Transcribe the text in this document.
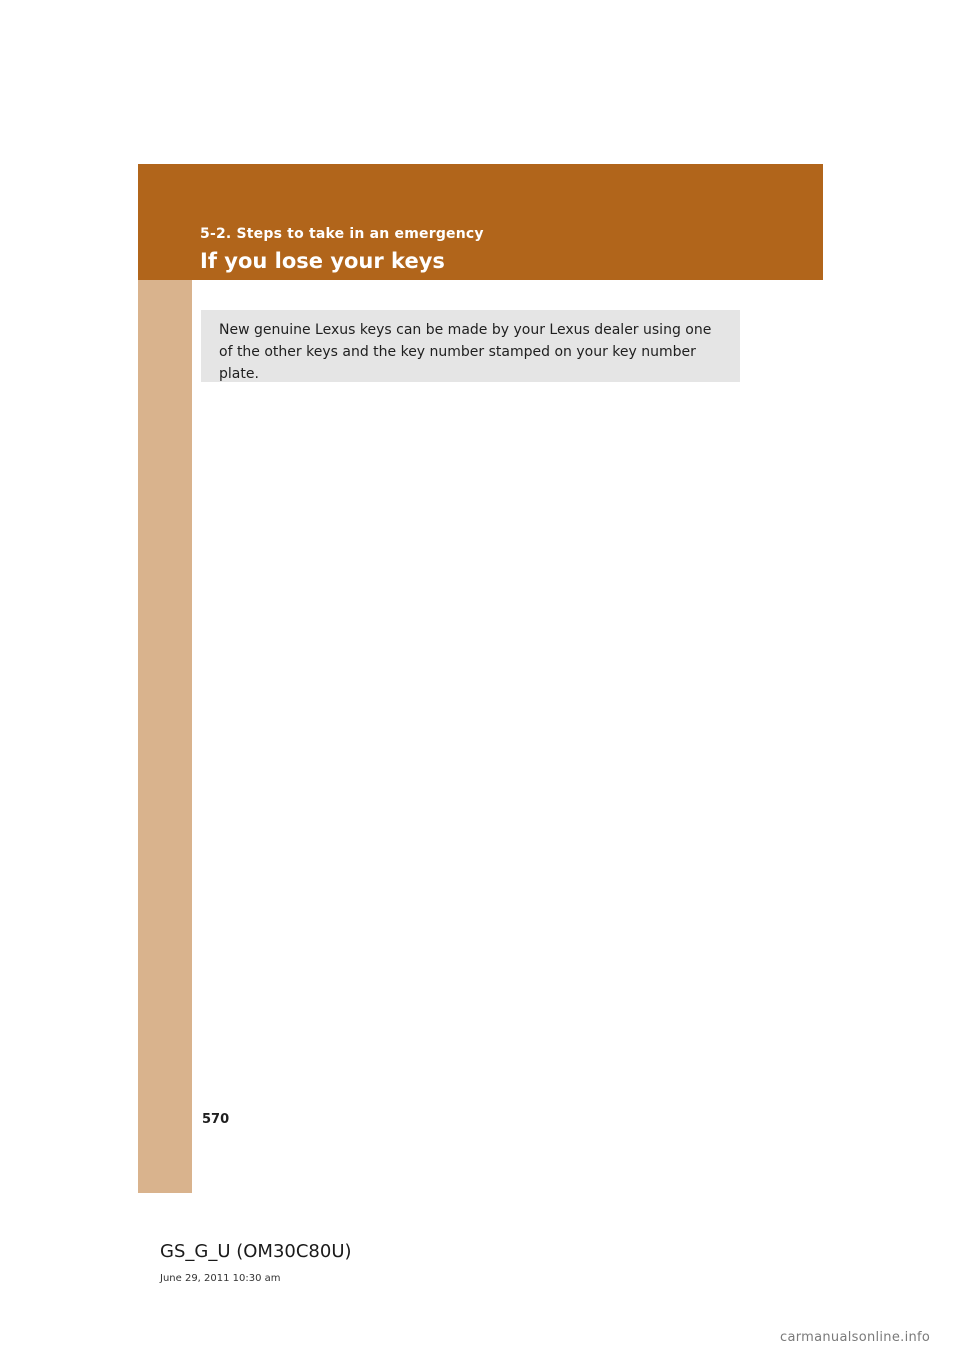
5-2. Steps to take in an emergency
If you lose your keys

New genuine Lexus keys can be made by your Lexus dealer using one of the other keys and the key number stamped on your key number plate.

570
GS_G_U (OM30C80U)
June 29, 2011 10:30 am
carmanualsonline.info
